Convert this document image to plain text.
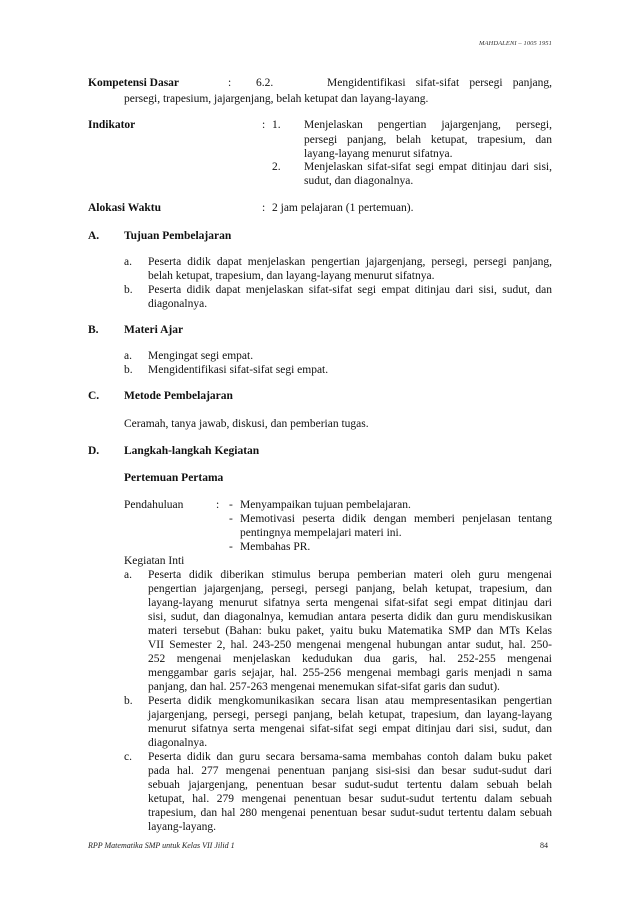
MAHDALENI – 1005 1951
Kompetensi Dasar	: 6.2.	Mengidentifikasi sifat-sifat persegi panjang,
persegi, trapesium, jajargenjang, belah ketupat dan layang-layang.
Indikator	: 1. Menjelaskan pengertian jajargenjang, persegi,
persegi panjang, belah ketupat, trapesium, dan
layang-layang menurut sifatnya.
2. Menjelaskan sifat-sifat segi empat ditinjau dari sisi,
sudut, dan diagonalnya.
Alokasi Waktu	: 2 jam pelajaran (1 pertemuan).
A. Tujuan Pembelajaran
a. Peserta didik dapat menjelaskan pengertian jajargenjang, persegi, persegi panjang,
belah ketupat, trapesium, dan layang-layang menurut sifatnya.
b. Peserta didik dapat menjelaskan sifat-sifat segi empat ditinjau dari sisi, sudut, dan
diagonalnya.
B. Materi Ajar
a. Mengingat segi empat.
b. Mengidentifikasi sifat-sifat segi empat.
C. Metode Pembelajaran
Ceramah, tanya jawab, diskusi, dan pemberian tugas.
D. Langkah-langkah Kegiatan
Pertemuan Pertama
Pendahuluan	: - Menyampaikan tujuan pembelajaran.
- Memotivasi peserta didik dengan memberi penjelasan tentang
pentingnya mempelajari materi ini.
- Membahas PR.
Kegiatan Inti
a. Peserta didik diberikan stimulus berupa pemberian materi oleh guru mengenai
pengertian jajargenjang, persegi, persegi panjang, belah ketupat, trapesium, dan
layang-layang menurut sifatnya serta mengenai sifat-sifat segi empat ditinjau dari
sisi, sudut, dan diagonalnya, kemudian antara peserta didik dan guru mendiskusikan
materi tersebut (Bahan: buku paket, yaitu buku Matematika SMP dan MTs Kelas
VII Semester 2, hal. 243-250 mengenai mengenal hubungan antar sudut, hal. 250-
252 mengenai menjelaskan kedudukan dua garis, hal. 252-255 mengenai
menggambar garis sejajar, hal. 255-256 mengenai membagi garis menjadi n sama
panjang, dan hal. 257-263 mengenai menemukan sifat-sifat garis dan sudut).
b. Peserta didik mengkomunikasikan secara lisan atau mempresentasikan pengertian
jajargenjang, persegi, persegi panjang, belah ketupat, trapesium, dan layang-layang
menurut sifatnya serta mengenai sifat-sifat segi empat ditinjau dari sisi, sudut, dan
diagonalnya.
c. Peserta didik dan guru secara bersama-sama membahas contoh dalam buku paket
pada hal. 277 mengenai penentuan panjang sisi-sisi dan besar sudut-sudut dari
sebuah jajargenjang, penentuan besar sudut-sudut tertentu dalam sebuah belah
ketupat, hal. 279 mengenai penentuan besar sudut-sudut tertentu dalam sebuah
trapesium, dan hal 280 mengenai penentuan besar sudut-sudut tertentu dalam sebuah
layang-layang.
RPP Matematika SMP untuk Kelas VII Jilid 1	84
